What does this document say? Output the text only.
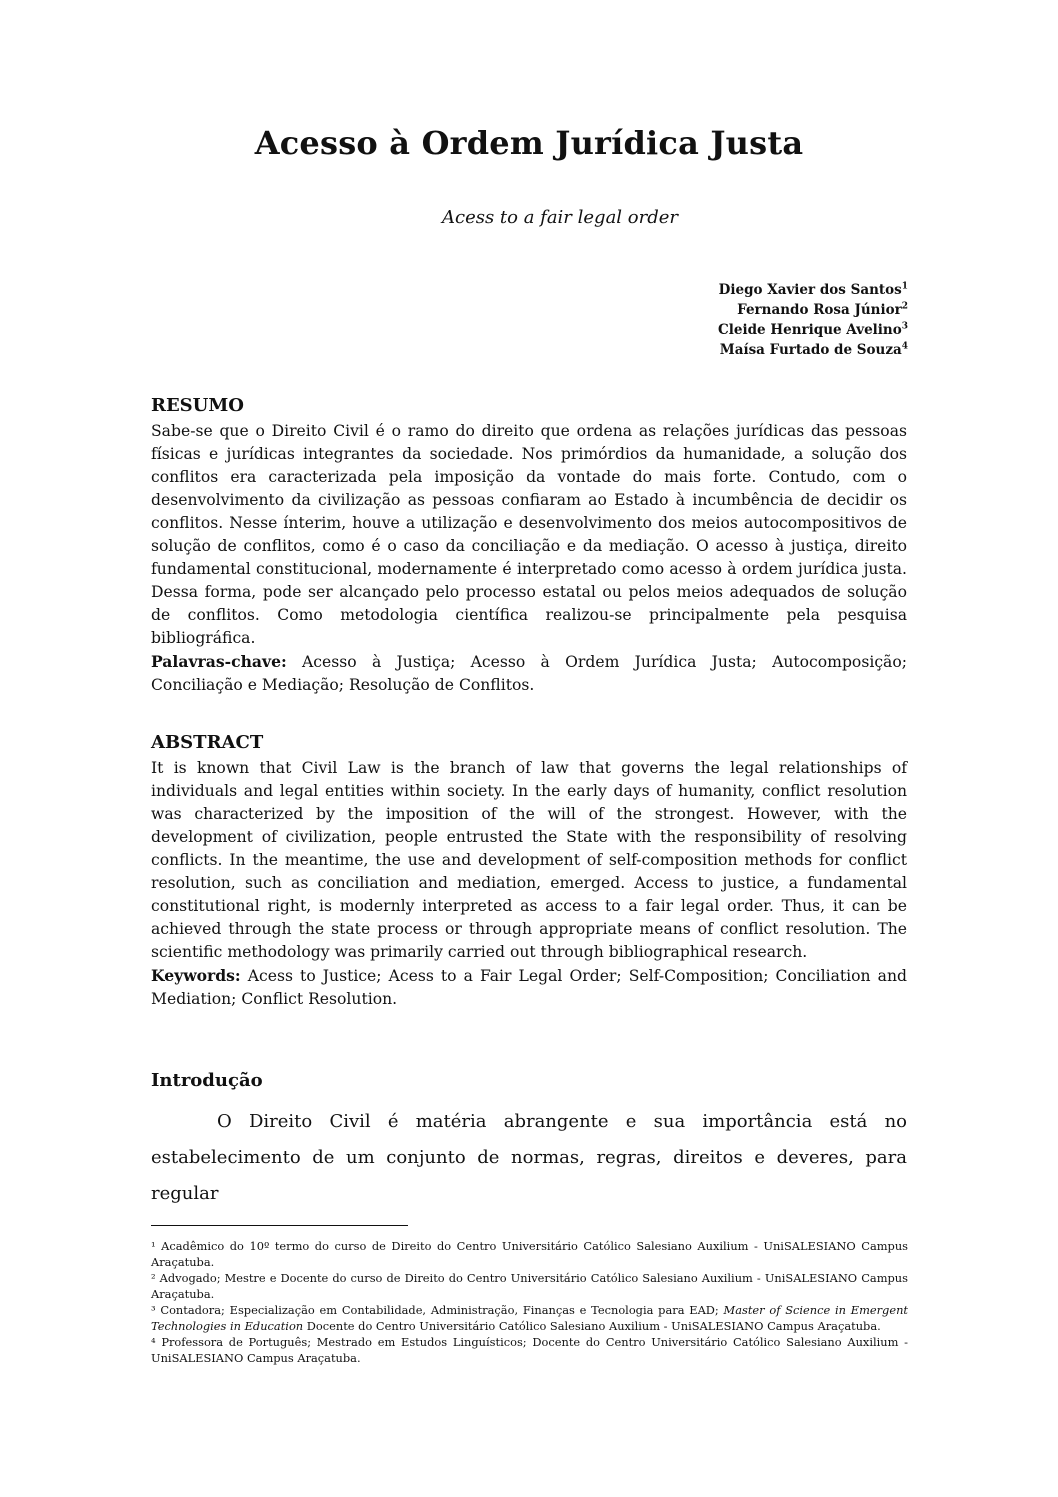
Acesso à Ordem Jurídica Justa
Acess to a fair legal order
Diego Xavier dos Santos$^1$
Fernando Rosa Júnior$^2$
Cleide Henrique Avelino$^3$
Maísa Furtado de Souza$^4$
RESUMO

Sabe-se que o Direito Civil é o ramo do direito que ordena as relações jurídicas das pessoas físicas e jurídicas integrantes da sociedade. Nos primórdios da humanidade, a solução dos conflitos era caracterizada pela imposição da vontade do mais forte. Contudo, com o desenvolvimento da civilização as pessoas confiaram ao Estado à incumbência de decidir os conflitos. Nesse ínterim, houve a utilização e desenvolvimento dos meios autocompositivos de solução de conflitos, como é o caso da conciliação e da mediação. O acesso à justiça, direito fundamental constitucional, modernamente é interpretado como acesso à ordem jurídica justa. Dessa forma, pode ser alcançado pelo processo estatal ou pelos meios adequados de solução de conflitos. Como metodologia científica realizou-se principalmente pela pesquisa bibliográfica.

Palavras-chave: Acesso à Justiça; Acesso à Ordem Jurídica Justa; Autocomposição; Conciliação e Mediação; Resolução de Conflitos.

ABSTRACT

It is known that Civil Law is the branch of law that governs the legal relationships of individuals and legal entities within society. In the early days of humanity, conflict resolution was characterized by the imposition of the will of the strongest. However, with the development of civilization, people entrusted the State with the responsibility of resolving conflicts. In the meantime, the use and development of self-composition methods for conflict resolution, such as conciliation and mediation, emerged. Access to justice, a fundamental constitutional right, is modernly interpreted as access to a fair legal order. Thus, it can be achieved through the state process or through appropriate means of conflict resolution. The scientific methodology was primarily carried out through bibliographical research.

Keywords: Acess to Justice; Acess to a Fair Legal Order; Self-Composition; Conciliation and Mediation; Conflict Resolution.

Introdução
O Direito Civil é matéria abrangente e sua importância está no estabelecimento de um conjunto de normas, regras, direitos e deveres, para regular

¹ Acadêmico do 10º termo do curso de Direito do Centro Universitário Católico Salesiano Auxilium - UniSALESIANO Campus Araçatuba.

² Advogado; Mestre e Docente do curso de Direito do Centro Universitário Católico Salesiano Auxilium - UniSALESIANO Campus Araçatuba.

³ Contadora; Especialização em Contabilidade, Administração, Finanças e Tecnologia para EAD; Master of Science in Emergent Technologies in Education Docente do Centro Universitário Católico Salesiano Auxilium - UniSALESIANO Campus Araçatuba.

⁴ Professora de Português; Mestrado em Estudos Linguísticos; Docente do Centro Universitário Católico Salesiano Auxilium - UniSALESIANO Campus Araçatuba.
